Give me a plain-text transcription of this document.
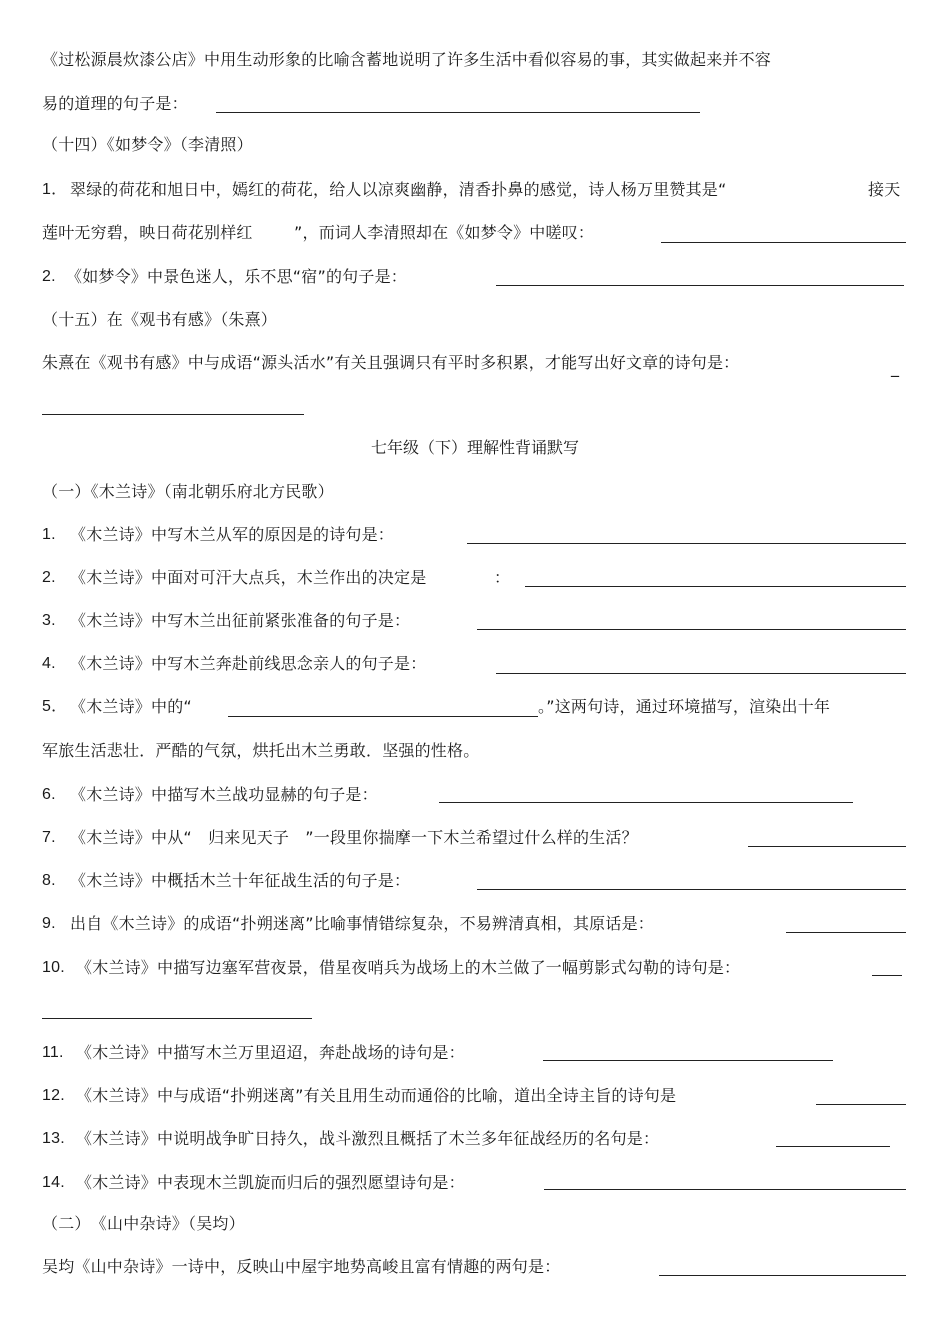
《过松源晨炊漆公店》中用生动形象的比喻含蓄地说明了许多生活中看似容易的事，其实做起来并不容
易的道理的句子是：
（十四）《如梦令》（李清照）
1． 翠绿的荷花和旭日中，嫣红的荷花，给人以凉爽幽静，清香扑鼻的感觉，诗人杨万里赞其是“	接天
莲叶无穷碧，映日荷花别样红	”，而词人李清照却在《如梦令》中嗟叹：
2. 《如梦令》中景色迷人，乐不思“宿”的句子是：
（十五）在《观书有感》（朱熹）
朱熹在《观书有感》中与成语“源头活水”有关且强调只有平时多积累，才能写出好文章的诗句是：	_
七年级（下）理解性背诵默写
（一）《木兰诗》（南北朝乐府北方民歌）
1. 《木兰诗》中写木兰从军的原因是的诗句是：
2. 《木兰诗》中面对可汗大点兵，木兰作出的决定是	：
3. 《木兰诗》中写木兰出征前紧张准备的句子是：
4. 《木兰诗》中写木兰奔赴前线思念亲人的句子是：
5． 《木兰诗》中的“	。”这两句诗，通过环境描写，渲染出十年
军旅生活悲壮．严酷的气氛，烘托出木兰勇敢．坚强的性格。
6. 《木兰诗》中描写木兰战功显赫的句子是：
7. 《木兰诗》中从“　归来见天子　”一段里你揣摩一下木兰希望过什么样的生活？
8. 《木兰诗》中概括木兰十年征战生活的句子是：
9. 出自《木兰诗》的成语“扑朔迷离”比喻事情错综复杂，不易辨清真相，其原话是：
10. 《木兰诗》中描写边塞军营夜景，借星夜哨兵为战场上的木兰做了一幅剪影式勾勒的诗句是：
11. 《木兰诗》中描写木兰万里迢迢，奔赴战场的诗句是：
12. 《木兰诗》中与成语“扑朔迷离”有关且用生动而通俗的比喻，道出全诗主旨的诗句是
13. 《木兰诗》中说明战争旷日持久，战斗激烈且概括了木兰多年征战经历的名句是：
14. 《木兰诗》中表现木兰凯旋而归后的强烈愿望诗句是：
（二）　《山中杂诗》（吴均）
吴均《山中杂诗》一诗中，反映山中屋宇地势高峻且富有情趣的两句是：
